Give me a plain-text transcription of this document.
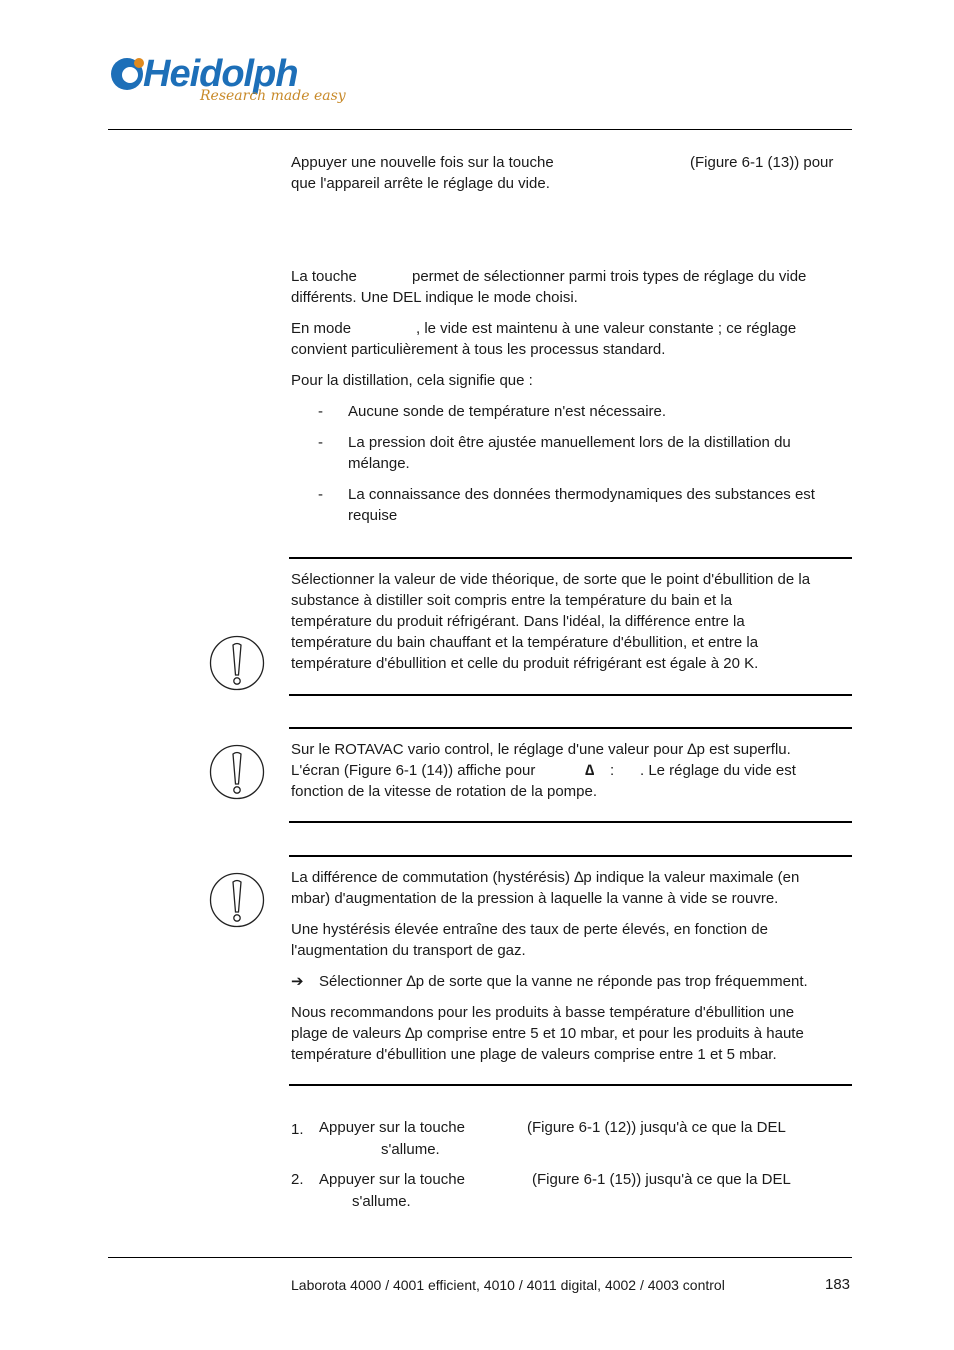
Heidolph
Research made easy
Appuyer une nouvelle fois sur la touche	(Figure 6-1 (13)) pour
que l'appareil arrête le réglage du vide.
La touche	permet de sélectionner parmi trois types de réglage du vide
différents. Une DEL indique le mode choisi.
En mode	, le vide est maintenu à une valeur constante ; ce réglage
convient particulièrement à tous les processus standard.
Pour la distillation, cela signifie que :
- Aucune sonde de température n'est nécessaire.
- La pression doit être ajustée manuellement lors de la distillation du
mélange.
- La connaissance des données thermodynamiques des substances est
requise
Sélectionner la valeur de vide théorique, de sorte que le point d'ébullition de la
substance à distiller soit compris entre la température du bain et la
température du produit réfrigérant. Dans l'idéal, la différence entre la
température du bain chauffant et la température d'ébullition, et entre la
température d'ébullition et celle du produit réfrigérant est égale à 20 K.
Sur le ROTAVAC vario control, le réglage d'une valeur pour ∆p est superflu.
L'écran (Figure 6-1 (14)) affiche pour	∆ : . Le réglage du vide est
fonction de la vitesse de rotation de la pompe.
La différence de commutation (hystérésis) ∆p indique la valeur maximale (en
mbar) d'augmentation de la pression à laquelle la vanne à vide se rouvre.
Une hystérésis élevée entraîne des taux de perte élevés, en fonction de
l'augmentation du transport de gaz.
➔ Sélectionner ∆p de sorte que la vanne ne réponde pas trop fréquemment.
Nous recommandons pour les produits à basse température d'ébullition une
plage de valeurs ∆p comprise entre 5 et 10 mbar, et pour les produits à haute
température d'ébullition une plage de valeurs comprise entre 1 et 5 mbar.
1. Appuyer sur la touche	(Figure 6-1 (12)) jusqu'à ce que la DEL
s'allume.
2. Appuyer sur la touche	(Figure 6-1 (15)) jusqu'à ce que la DEL
s'allume.
Laborota 4000 / 4001 efficient, 4010 / 4011 digital, 4002 / 4003 control	183
